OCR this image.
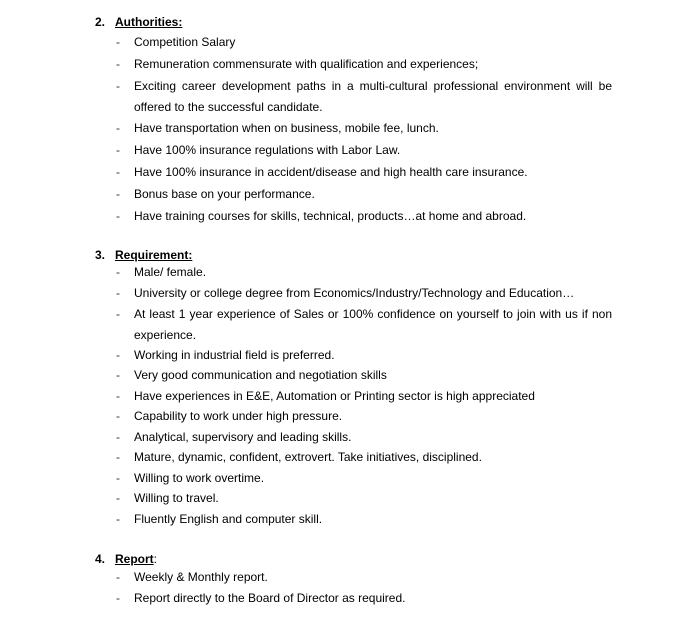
2. Authorities:
- Competition Salary
- Remuneration commensurate with qualification and experiences;
- Exciting career development paths in a multi-cultural professional environment will be offered to the successful candidate.
- Have transportation when on business, mobile fee, lunch.
- Have 100% insurance regulations with Labor Law.
- Have 100% insurance in accident/disease and high health care insurance.
- Bonus base on your performance.
- Have training courses for skills, technical, products…at home and abroad.
3. Requirement:
- Male/ female.
- University or college degree from Economics/Industry/Technology and Education…
- At least 1 year experience of Sales or 100% confidence on yourself to join with us if non experience.
- Working in industrial field is preferred.
- Very good communication and negotiation skills
- Have experiences in E&E, Automation or Printing sector is high appreciated
- Capability to work under high pressure.
- Analytical, supervisory and leading skills.
- Mature, dynamic, confident, extrovert. Take initiatives, disciplined.
- Willing to work overtime.
- Willing to travel.
- Fluently English and computer skill.
4. Report:
- Weekly & Monthly report.
- Report directly to the Board of Director as required.
